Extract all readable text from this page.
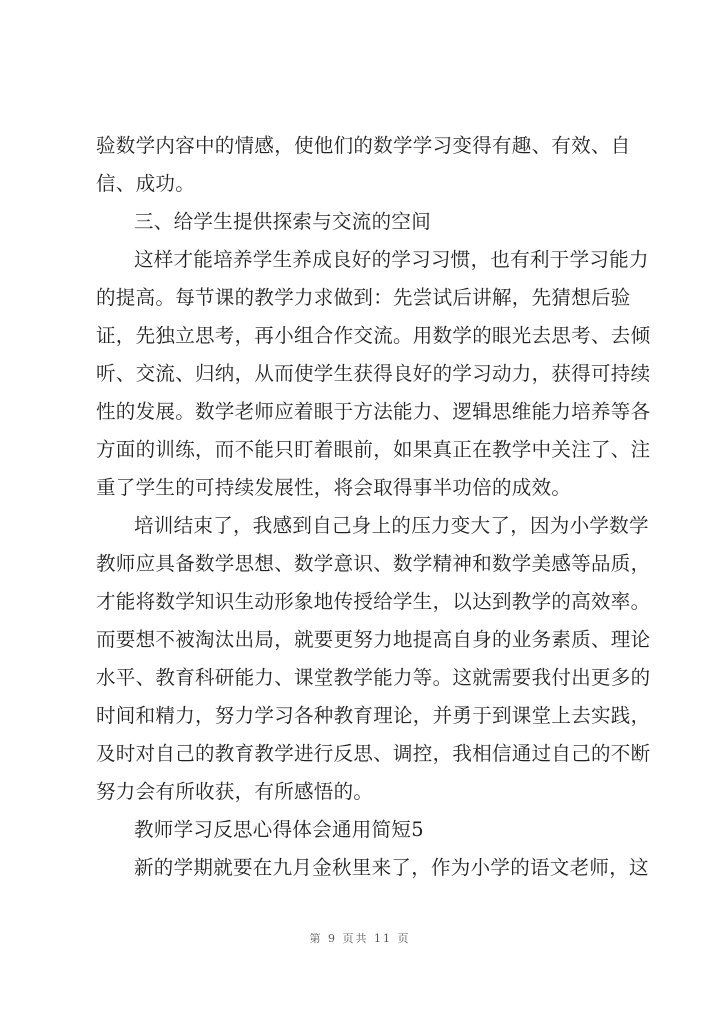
验数学内容中的情感，使他们的数学学习变得有趣、有效、自
信、成功。
三、给学生提供探索与交流的空间
这样才能培养学生养成良好的学习习惯，也有利于学习能力
的提高。每节课的教学力求做到：先尝试后讲解，先猜想后验
证，先独立思考，再小组合作交流。用数学的眼光去思考、去倾
听、交流、归纳，从而使学生获得良好的学习动力，获得可持续
性的发展。数学老师应着眼于方法能力、逻辑思维能力培养等各
方面的训练，而不能只盯着眼前，如果真正在教学中关注了、注
重了学生的可持续发展性，将会取得事半功倍的成效。
培训结束了，我感到自己身上的压力变大了，因为小学数学
教师应具备数学思想、数学意识、数学精神和数学美感等品质，
才能将数学知识生动形象地传授给学生，以达到教学的高效率。
而要想不被淘汰出局，就要更努力地提高自身的业务素质、理论
水平、教育科研能力、课堂教学能力等。这就需要我付出更多的
时间和精力，努力学习各种教育理论，并勇于到课堂上去实践，
及时对自己的教育教学进行反思、调控，我相信通过自己的不断
努力会有所收获，有所感悟的。
教师学习反思心得体会通用简短5
新的学期就要在九月金秋里来了，作为小学的语文老师，这
第 9 页共 11 页
